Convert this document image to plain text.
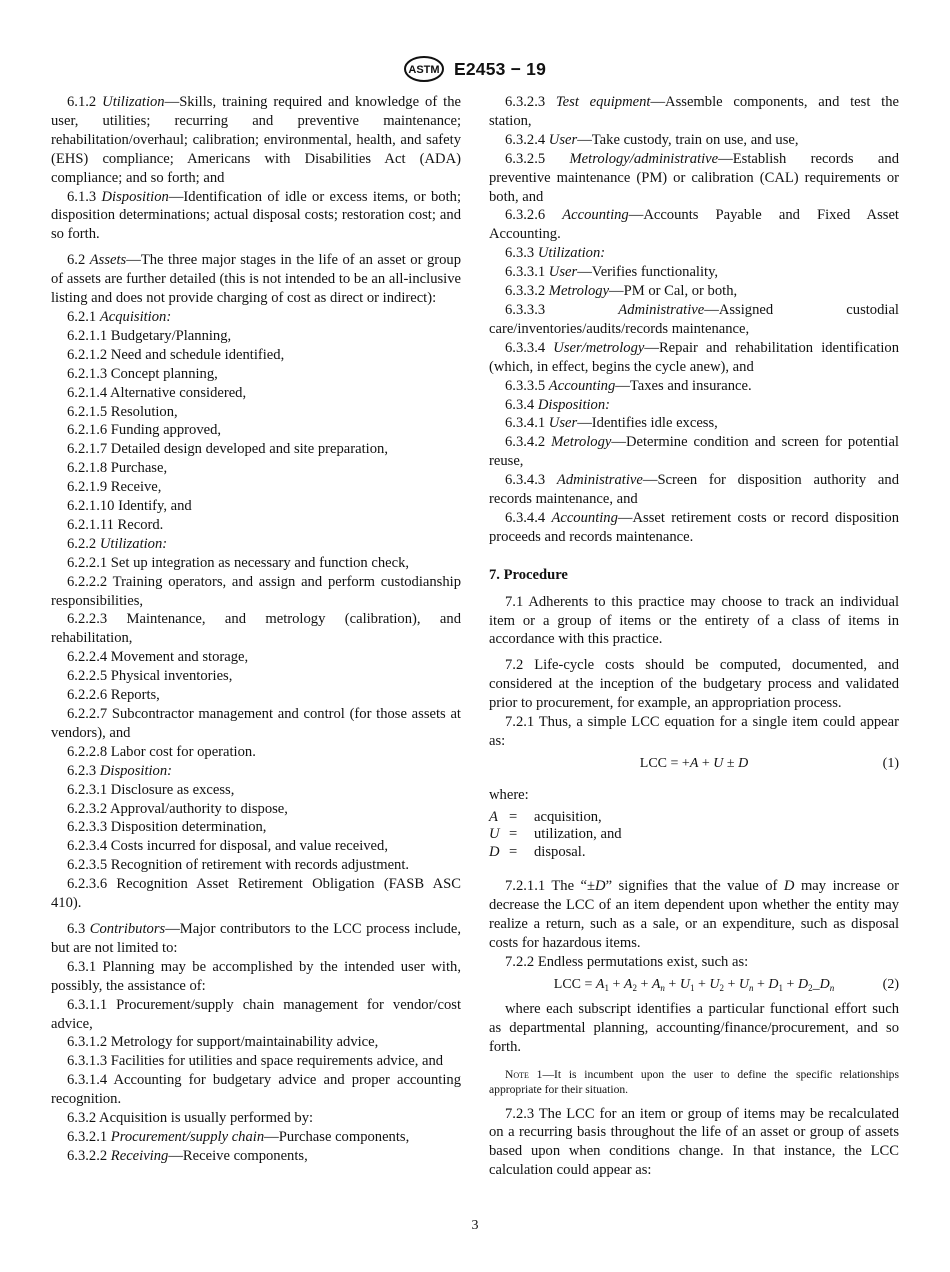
ASTM E2453 − 19

6.1.2 Utilization—Skills, training required and knowledge of the user, utilities; recurring and preventive maintenance; rehabilitation/overhaul; calibration; environmental, health, and safety (EHS) compliance; Americans with Disabilities Act (ADA) compliance; and so forth; and

6.1.3 Disposition—Identification of idle or excess items, or both; disposition determinations; actual disposal costs; restoration cost; and so forth.

6.2 Assets—The three major stages in the life of an asset or group of assets are further detailed (this is not intended to be an all-inclusive listing and does not provide charging of cost as direct or indirect):

6.2.1 Acquisition:

6.2.1.1 Budgetary/Planning,

6.2.1.2 Need and schedule identified,

6.2.1.3 Concept planning,

6.2.1.4 Alternative considered,

6.2.1.5 Resolution,

6.2.1.6 Funding approved,

6.2.1.7 Detailed design developed and site preparation,

6.2.1.8 Purchase,

6.2.1.9 Receive,

6.2.1.10 Identify, and

6.2.1.11 Record.

6.2.2 Utilization:

6.2.2.1 Set up integration as necessary and function check,

6.2.2.2 Training operators, and assign and perform custodianship responsibilities,

6.2.2.3 Maintenance, and metrology (calibration), and rehabilitation,

6.2.2.4 Movement and storage,

6.2.2.5 Physical inventories,

6.2.2.6 Reports,

6.2.2.7 Subcontractor management and control (for those assets at vendors), and

6.2.2.8 Labor cost for operation.

6.2.3 Disposition:

6.2.3.1 Disclosure as excess,

6.2.3.2 Approval/authority to dispose,

6.2.3.3 Disposition determination,

6.2.3.4 Costs incurred for disposal, and value received,

6.2.3.5 Recognition of retirement with records adjustment.

6.2.3.6 Recognition Asset Retirement Obligation (FASB ASC 410).

6.3 Contributors—Major contributors to the LCC process include, but are not limited to:

6.3.1 Planning may be accomplished by the intended user with, possibly, the assistance of:

6.3.1.1 Procurement/supply chain management for vendor/cost advice,

6.3.1.2 Metrology for support/maintainability advice,

6.3.1.3 Facilities for utilities and space requirements advice, and

6.3.1.4 Accounting for budgetary advice and proper accounting recognition.

6.3.2 Acquisition is usually performed by:

6.3.2.1 Procurement/supply chain—Purchase components,

6.3.2.2 Receiving—Receive components,

6.3.2.3 Test equipment—Assemble components, and test the station,

6.3.2.4 User—Take custody, train on use, and use,

6.3.2.5 Metrology/administrative—Establish records and preventive maintenance (PM) or calibration (CAL) requirements or both, and

6.3.2.6 Accounting—Accounts Payable and Fixed Asset Accounting.

6.3.3 Utilization:

6.3.3.1 User—Verifies functionality,

6.3.3.2 Metrology—PM or Cal, or both,

6.3.3.3	Administrative—Assigned custodial care/inventories/audits/records maintenance,

6.3.3.4 User/metrology—Repair and rehabilitation identification (which, in effect, begins the cycle anew), and

6.3.3.5 Accounting—Taxes and insurance.

6.3.4 Disposition:

6.3.4.1 User—Identifies idle excess,

6.3.4.2 Metrology—Determine condition and screen for potential reuse,

6.3.4.3 Administrative—Screen for disposition authority and records maintenance, and

6.3.4.4 Accounting—Asset retirement costs or record disposition proceeds and records maintenance.

7. Procedure

7.1 Adherents to this practice may choose to track an individual item or a group of items or the entirety of a class of items in accordance with this practice.

7.2 Life-cycle costs should be computed, documented, and considered at the inception of the budgetary process and validated prior to procurement, for example, an appropriation process.

7.2.1 Thus, a simple LCC equation for a single item could appear as:

LCC = +A + U ± D	(1)
where:
A =	acquisition,
U =	utilization, and
D =	disposal.

7.2.1.1 The “±D” signifies that the value of D may increase or decrease the LCC of an item dependent upon whether the entity may realize a return, such as a sale, or an expenditure, such as disposal costs for hazardous items.

7.2.2 Endless permutations exist, such as:

LCC = $A_1 + A_2 + A_n + U_1 + U_2 + U_n + D_1$ + $D_2\_D_n$	(2)

where each subscript identifies a particular functional effort such as departmental planning, accounting/finance/procurement, and so forth.

Note 1—It is incumbent upon the user to define the specific relationships appropriate for their situation.

7.2.3 The LCC for an item or group of items may be recalculated on a recurring basis throughout the life of an asset or group of assets based upon when conditions change. In that instance, the LCC calculation could appear as:

3
